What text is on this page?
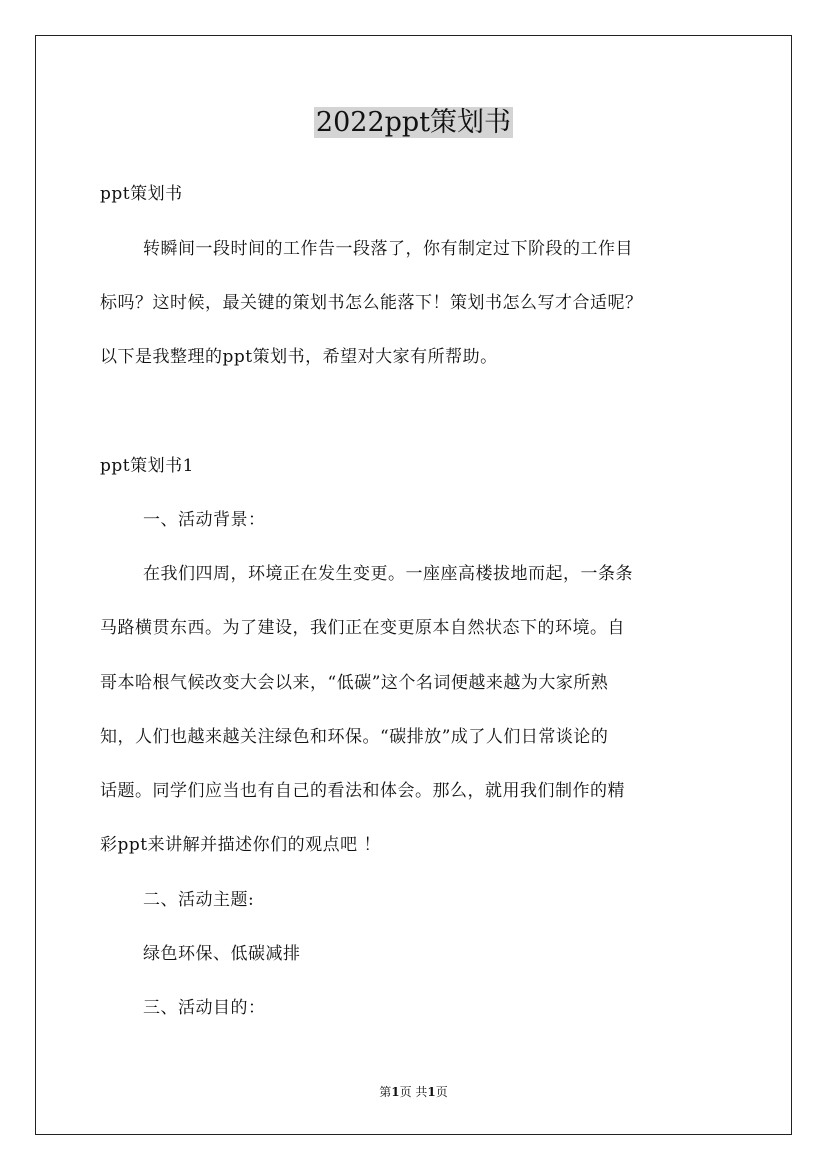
2022ppt策划书
ppt策划书
转瞬间一段时间的工作告一段落了，你有制定过下阶段的工作目
标吗？这时候，最关键的策划书怎么能落下！策划书怎么写才合适呢？
以下是我整理的ppt策划书，希望对大家有所帮助。
ppt策划书1
一、活动背景：
在我们四周，环境正在发生变更。一座座高楼拔地而起，一条条
马路横贯东西。为了建设，我们正在变更原本自然状态下的环境。自
哥本哈根气候改变大会以来，“低碳”这个名词便越来越为大家所熟
知，人们也越来越关注绿色和环保。“碳排放”成了人们日常谈论的
话题。同学们应当也有自己的看法和体会。那么，就用我们制作的精
彩ppt来讲解并描述你们的观点吧 ！
二、活动主题:
绿色环保、低碳减排
三、活动目的：
第1页 共1页
